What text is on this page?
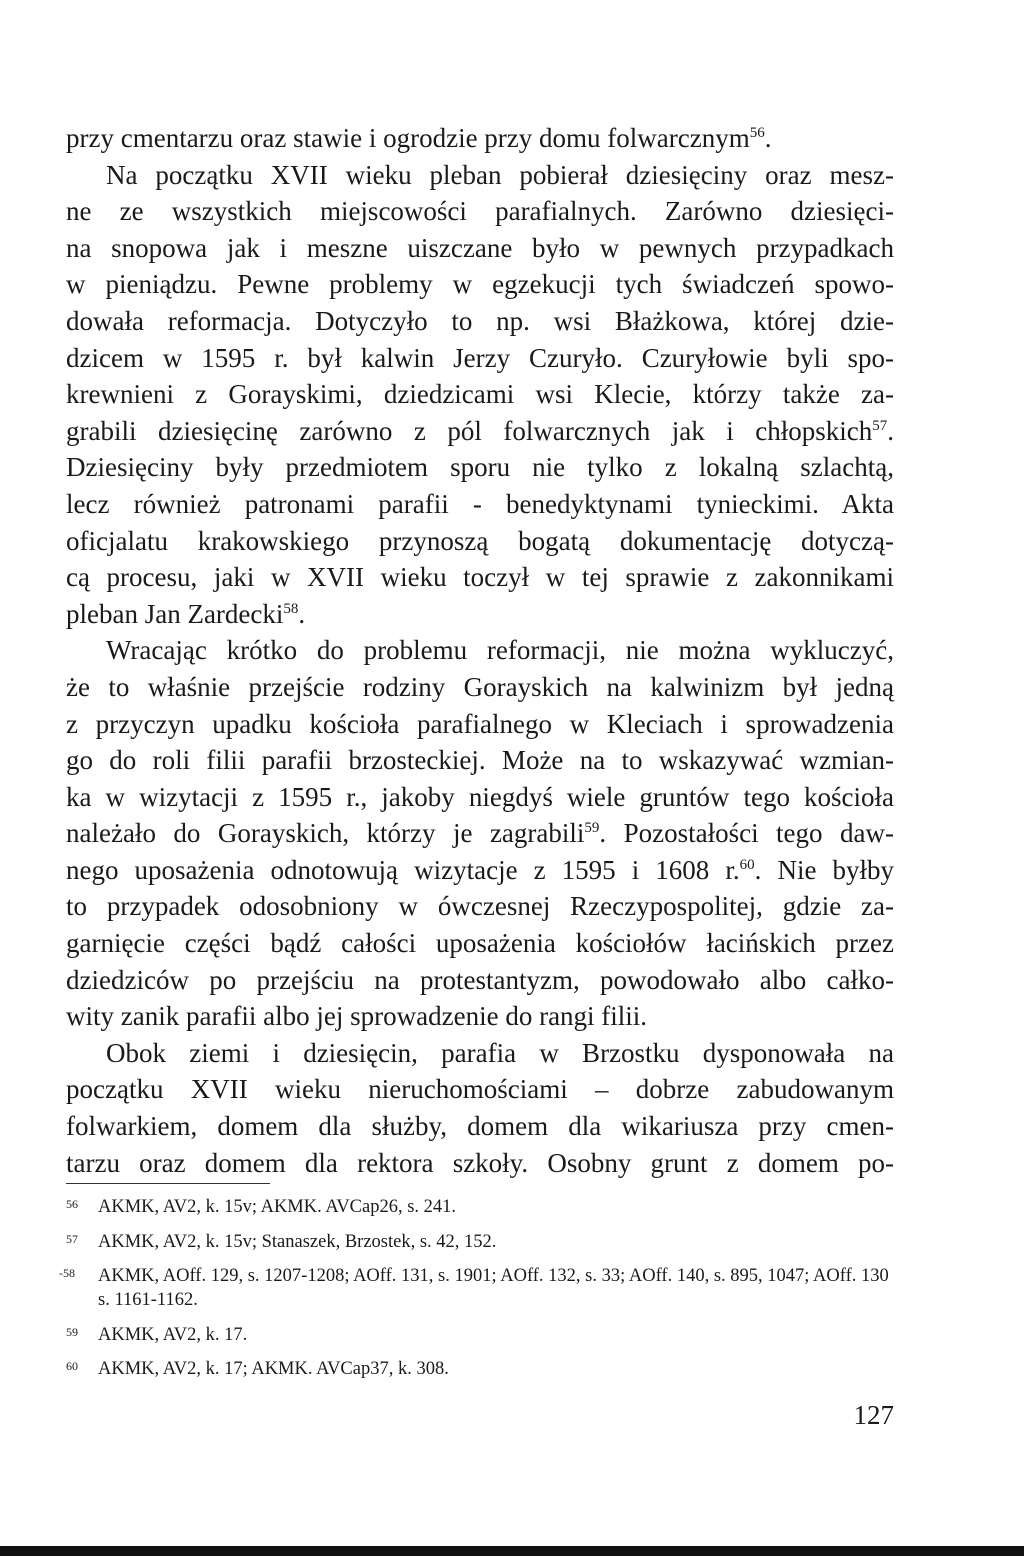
przy cmentarzu oraz stawie i ogrodzie przy domu folwarcznym$^{56}$.
Na początku XVII wieku pleban pobierał dziesięciny oraz mesz-
ne ze wszystkich miejscowości parafialnych. Zarówno dziesięci-
na snopowa jak i meszne uiszczane było w pewnych przypadkach
w pieniądzu. Pewne problemy w egzekucji tych świadczeń spowo-
dowała reformacja. Dotyczyło to np. wsi Błażkowa, której dzie-
dzicem w 1595 r. był kalwin Jerzy Czuryło. Czuryłowie byli spo-
krewnieni z Gorayskimi, dziedzicami wsi Klecie, którzy także za-
grabili dziesięcinę zarówno z pól folwarcznych jak i chłopskich$^{57}$.
Dziesięciny były przedmiotem sporu nie tylko z lokalną szlachtą,
lecz również patronami parafii - benedyktynami tynieckimi. Akta
oficjalatu krakowskiego przynoszą bogatą dokumentację dotyczą-
cą procesu, jaki w XVII wieku toczył w tej sprawie z zakonnikami
pleban Jan Zardecki$^{58}$.
Wracając krótko do problemu reformacji, nie można wykluczyć,
że to właśnie przejście rodziny Gorayskich na kalwinizm był jedną
z przyczyn upadku kościoła parafialnego w Kleciach i sprowadzenia
go do roli filii parafii brzosteckiej. Może na to wskazywać wzmian-
ka w wizytacji z 1595 r., jakoby niegdyś wiele gruntów tego kościoła
należało do Gorayskich, którzy je zagrabili$^{59}$. Pozostałości tego daw-
nego uposażenia odnotowują wizytacje z 1595 i 1608 r.$^{60}$. Nie byłby
to przypadek odosobniony w ówczesnej Rzeczypospolitej, gdzie za-
garnięcie części bądź całości uposażenia kościołów łacińskich przez
dziedziców po przejściu na protestantyzm, powodowało albo całko-
wity zanik parafii albo jej sprowadzenie do rangi filii.
Obok ziemi i dziesięcin, parafia w Brzostku dysponowała na
początku XVII wieku nieruchomościami – dobrze zabudowanym
folwarkiem, domem dla służby, domem dla wikariusza przy cmen-
tarzu oraz domem dla rektora szkoły. Osobny grunt z domem po-
56	AKMK, AV2, k. 15v; AKMK. AVCap26, s. 241.
57	AKMK, AV2, k. 15v; Stanaszek, Brzostek, s. 42, 152.
-58	AKMK, AOff. 129, s. 1207-1208; AOff. 131, s. 1901; AOff. 132, s. 33; AOff. 140, s. 895, 1047; AOff. 130 s. 1161-1162.
59	AKMK, AV2, k. 17.
60	AKMK, AV2, k. 17; AKMK. AVCap37, k. 308.
127
